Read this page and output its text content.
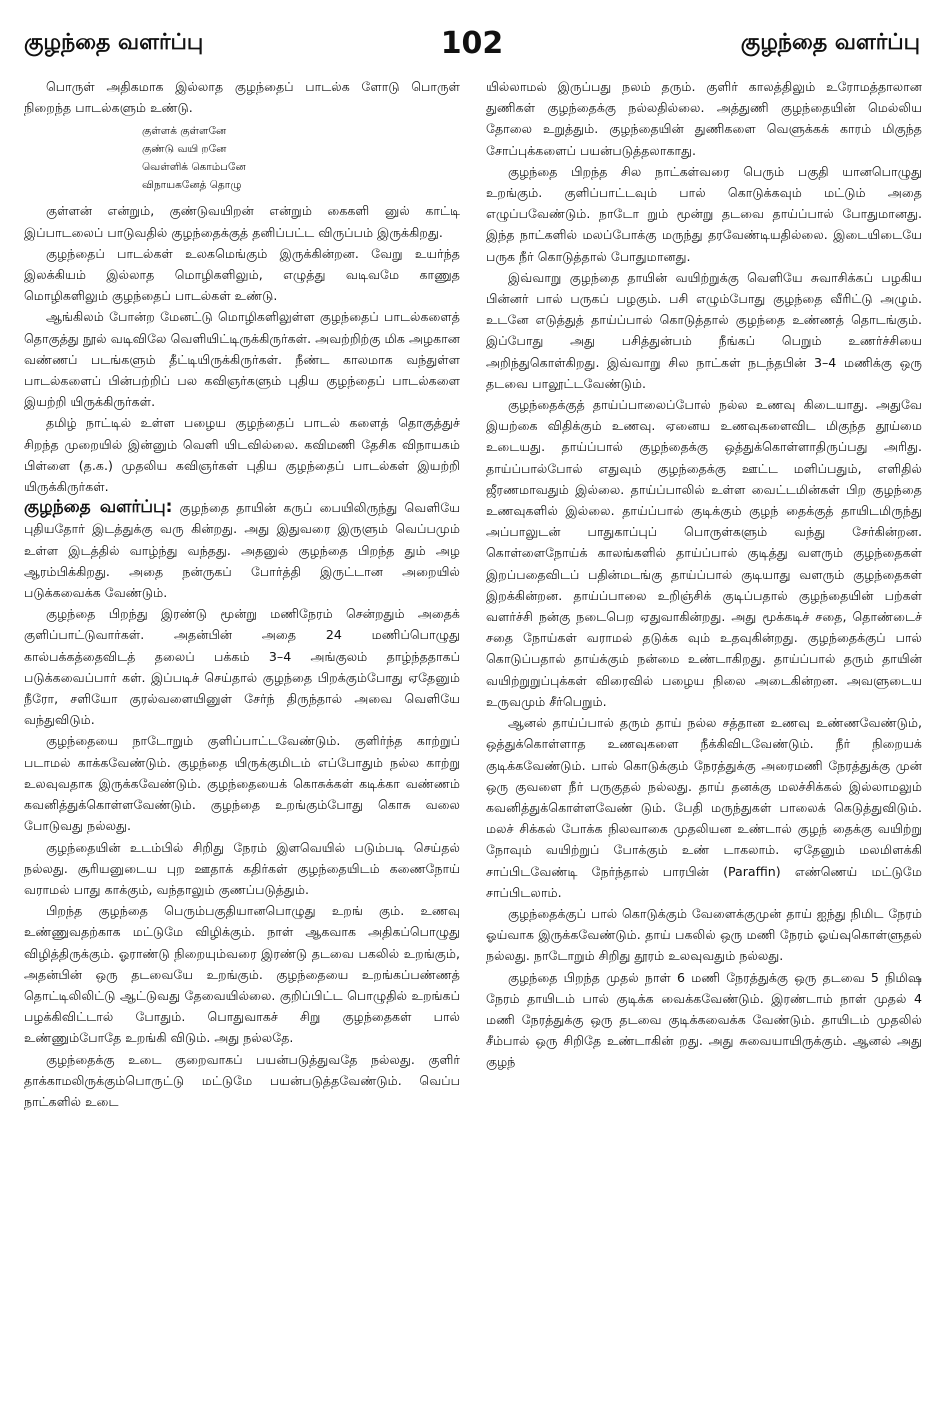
குழந்தை வளர்ப்பு	102	குழந்தை வளர்ப்பு

பொருள் அதிகமாக இல்லாத குழந்தைப் பாடல்க ளோடு பொருள் நிறைந்த பாடல்களும் உண்டு.

குள்ளக் குள்ளனே
குண்டு வயி றனே
வெள்ளிக் கொம்பனே
விநாயகனேத் தொழு

குள்ளன் என்றும், குண்டுவயிறன் என்றும் கைகளி னுல் காட்டி இப்பாடலைப் பாடுவதில் குழந்தைக்குத் தனிப்பட்ட விருப்பம் இருக்கிறது.

குழந்தைப் பாடல்கள் உலகமெங்கும் இருக்கின்றன. வேறு உயர்ந்த இலக்கியம் இல்லாத மொழிகளிலும், எழுத்து வடிவமே காணுத மொழிகளிலும் குழந்தைப் பாடல்கள் உண்டு.

ஆங்கிலம் போன்ற மேனட்டு மொழிகளிலுள்ள குழந்தைப் பாடல்களைத் தொகுத்து நூல் வடிவிலே வெளியிட்டிருக்கிருர்கள். அவற்றிற்கு மிக அழகான வண்ணப் படங்களும் தீட்டியிருக்கிருர்கள். நீண்ட காலமாக வந்துள்ள பாடல்களைப் பின்பற்றிப் பல கவிஞர்களும் புதிய குழந்தைப் பாடல்களை இயற்றி யிருக்கிருர்கள்.

தமிழ் நாட்டில் உள்ள பழைய குழந்தைப் பாடல் களைத் தொகுத்துச் சிறந்த முறையில் இன்னும் வெளி யிடவில்லை. கவிமணி தேசிக விநாயகம் பிள்ளை (த.க.) முதலிய கவிஞர்கள் புதிய குழந்தைப் பாடல்கள் இயற்றி யிருக்கிருர்கள்.

குழந்தை வளர்ப்பு: குழந்தை தாயின் கருப் பையிலிருந்து வெளியே புதியதோர் இடத்துக்கு வரு கின்றது. அது இதுவரை இருளும் வெப்பமும் உள்ள இடத்தில் வாழ்ந்து வந்தது. அதனுல் குழந்தை பிறந்த தும் அழ ஆரம்பிக்கிறது. அதை நன்ருகப் போர்த்தி இருட்டான அறையில் படுக்கவைக்க வேண்டும்.

குழந்தை பிறந்து இரண்டு மூன்று மணிநேரம் சென்றதும் அதைக் குளிப்பாட்டுவார்கள். அதன்பின் அதை 24 மணிப்பொழுது கால்பக்கத்தைவிடத் தலைப் பக்கம் 3–4 அங்குலம் தாழ்ந்ததாகப் படுக்கவைப்பார் கள். இப்படிச் செய்தால் குழந்தை பிறக்கும்போது ஏதேனும் நீரோ, சளியோ குரல்வளையினுள் சேர்ந் திருந்தால் அவை வெளியே வந்துவிடும்.

குழந்தையை நாடோறும் குளிப்பாட்டவேண்டும். குளிர்ந்த காற்றுப் படாமல் காக்கவேண்டும். குழந்தை யிருக்குமிடம் எப்போதும் நல்ல காற்று உலவுவதாக இருக்கவேண்டும். குழந்தையைக் கொசுக்கள் கடிக்கா வண்ணம் கவனித்துக்கொள்ளவேண்டும். குழந்தை உறங்கும்போது கொசு வலை போடுவது நல்லது.

குழந்தையின் உடம்பில் சிறிது நேரம் இளவெயில் படும்படி செய்தல் நல்லது. சூரியனுடைய புற ஊதாக் கதிர்கள் குழந்தையிடம் கணைநோய் வராமல் பாது காக்கும், வந்தாலும் குணப்படுத்தும்.

பிறந்த குழந்தை பெரும்பகுதியானபொழுது உறங் கும். உணவு உண்ணுவதற்காக மட்டுமே விழிக்கும். நாள் ஆகவாக அதிகப்பொழுது விழித்திருக்கும். ஓராண்டு நிறையும்வரை இரண்டு தடவை பகலில் உறங்கும், அதன்பின் ஒரு தடவையே உறங்கும். குழந்தையை உறங்கப்பண்ணத் தொட்டிலிலிட்டு ஆட்டுவது தேவையில்லை. குறிப்பிட்ட பொழுதில் உறங்கப் பழக்கிவிட்டால் போதும். பொதுவாகச் சிறு குழந்தைகள் பால் உண்ணும்போதே உறங்கி விடும். அது நல்லதே.

குழந்தைக்கு உடை குறைவாகப் பயன்படுத்துவதே நல்லது. குளிர் தாக்காமலிருக்கும்பொருட்டு மட்டுமே பயன்படுத்தவேண்டும். வெப்ப நாட்களில் உடை

யில்லாமல் இருப்பது நலம் தரும். குளிர் காலத்திலும் உரோமத்தாலான துணிகள் குழந்தைக்கு நல்லதில்லை. அத்துணி குழந்தையின் மெல்லிய தோலை உறுத்தும். குழந்தையின் துணிகளை வெளுக்கக் காரம் மிகுந்த சோப்புக்களைப் பயன்படுத்தலாகாது.

குழந்தை பிறந்த சில நாட்கள்வரை பெரும் பகுதி யானபொழுது உறங்கும். குளிப்பாட்டவும் பால் கொடுக்கவும் மட்டும் அதை எழுப்பவேண்டும். நாடோ றும் மூன்று தடவை தாய்ப்பால் போதுமானது. இந்த நாட்களில் மலப்போக்கு மருந்து தரவேண்டியதில்லை. இடையிடையே பருக நீர் கொடுத்தால் போதுமானது.

இவ்வாறு குழந்தை தாயின் வயிற்றுக்கு வெளியே சுவாசிக்கப் பழகிய பின்னர் பால் பருகப் பழகும். பசி எழும்போது குழந்தை வீரிட்டு அழும். உடனே எடுத்துத் தாய்ப்பால் கொடுத்தால் குழந்தை உண்ணத் தொடங்கும். இப்போது அது பசித்துன்பம் நீங்கப் பெறும் உணர்ச்சியை அறிந்துகொள்கிறது. இவ்வாறு சில நாட்கள் நடந்தபின் 3–4 மணிக்கு ஒரு தடவை பாலூட்டவேண்டும்.

குழந்தைக்குத் தாய்ப்பாலைப்போல் நல்ல உணவு கிடையாது. அதுவே இயற்கை விதிக்கும் உணவு. ஏனைய உணவுகளைவிட மிகுந்த தூய்மை உடையது. தாய்ப்பால் குழந்தைக்கு ஒத்துக்கொள்ளாதிருப்பது அரிது. தாய்ப்பால்போல் எதுவும் குழந்தைக்கு ஊட்ட மளிப்பதும், எளிதில் ஜீரணமாவதும் இல்லை. தாய்ப்பாலில் உள்ள வைட்டமின்கள் பிற குழந்தை உணவுகளில் இல்லை. தாய்ப்பால் குடிக்கும் குழந் தைக்குத் தாயிடமிருந்து அப்பாலுடன் பாதுகாப்புப் பொருள்களும் வந்து சேர்கின்றன. கொள்ளைநோய்க் காலங்களில் தாய்ப்பால் குடித்து வளரும் குழந்தைகள் இறப்பதைவிடப் பதின்மடங்கு தாய்ப்பால் குடியாது வளரும் குழந்தைகள் இறக்கின்றன. தாய்ப்பாலை உறிஞ்சிக் குடிப்பதால் குழந்தையின் பற்கள் வளர்ச்சி நன்கு நடைபெற ஏதுவாகின்றது. அது மூக்கடிச் சதை, தொண்டைச் சதை நோய்கள் வராமல் தடுக்க வும் உதவுகின்றது. குழந்தைக்குப் பால் கொடுப்பதால் தாய்க்கும் நன்மை உண்டாகிறது. தாய்ப்பால் தரும் தாயின் வயிற்றுறுப்புக்கள் விரைவில் பழைய நிலை அடைகின்றன. அவளுடைய உருவமும் சீர்பெறும்.

ஆனல் தாய்ப்பால் தரும் தாய் நல்ல சத்தான உணவு உண்ணவேண்டும், ஒத்துக்கொள்ளாத உணவுகளை நீக்கிவிடவேண்டும். நீர் நிறையக் குடிக்கவேண்டும். பால் கொடுக்கும் நேரத்துக்கு அரைமணி நேரத்துக்கு முன் ஒரு குவளை நீர் பருகுதல் நல்லது. தாய் தனக்கு மலச்சிக்கல் இல்லாமலும் கவனித்துக்கொள்ளவேண் டும். பேதி மருந்துகள் பாலைக் கெடுத்துவிடும். மலச் சிக்கல் போக்க நிலவாகை முதலியன உண்டால் குழந் தைக்கு வயிற்று நோவும் வயிற்றுப் போக்கும் உண் டாகலாம். ஏதேனும் மலமிளக்கி சாப்பிடவேண்டி நேர்ந்தால் பாரபின் (Paraffin) எண்ணெய் மட்டுமே சாப்பிடலாம்.

குழந்தைக்குப் பால் கொடுக்கும் வேளைக்குமுன் தாய் ஐந்து நிமிட நேரம் ஓய்வாக இருக்கவேண்டும். தாய் பகலில் ஒரு மணி நேரம் ஓய்வுகொள்ளுதல் நல்லது. நாடோறும் சிறிது தூரம் உலவுவதும் நல்லது.

குழந்தை பிறந்த முதல் நாள் 6 மணி நேரத்துக்கு ஒரு தடவை 5 நிமிஷ நேரம் தாயிடம் பால் குடிக்க வைக்கவேண்டும். இரண்டாம் நாள் முதல் 4 மணி நேரத்துக்கு ஒரு தடவை குடிக்கவைக்க வேண்டும். தாயிடம் முதலில் சீம்பால் ஒரு சிறிதே உண்டாகின் றது. அது சுவையாயிருக்கும். ஆனல் அது குழந்
